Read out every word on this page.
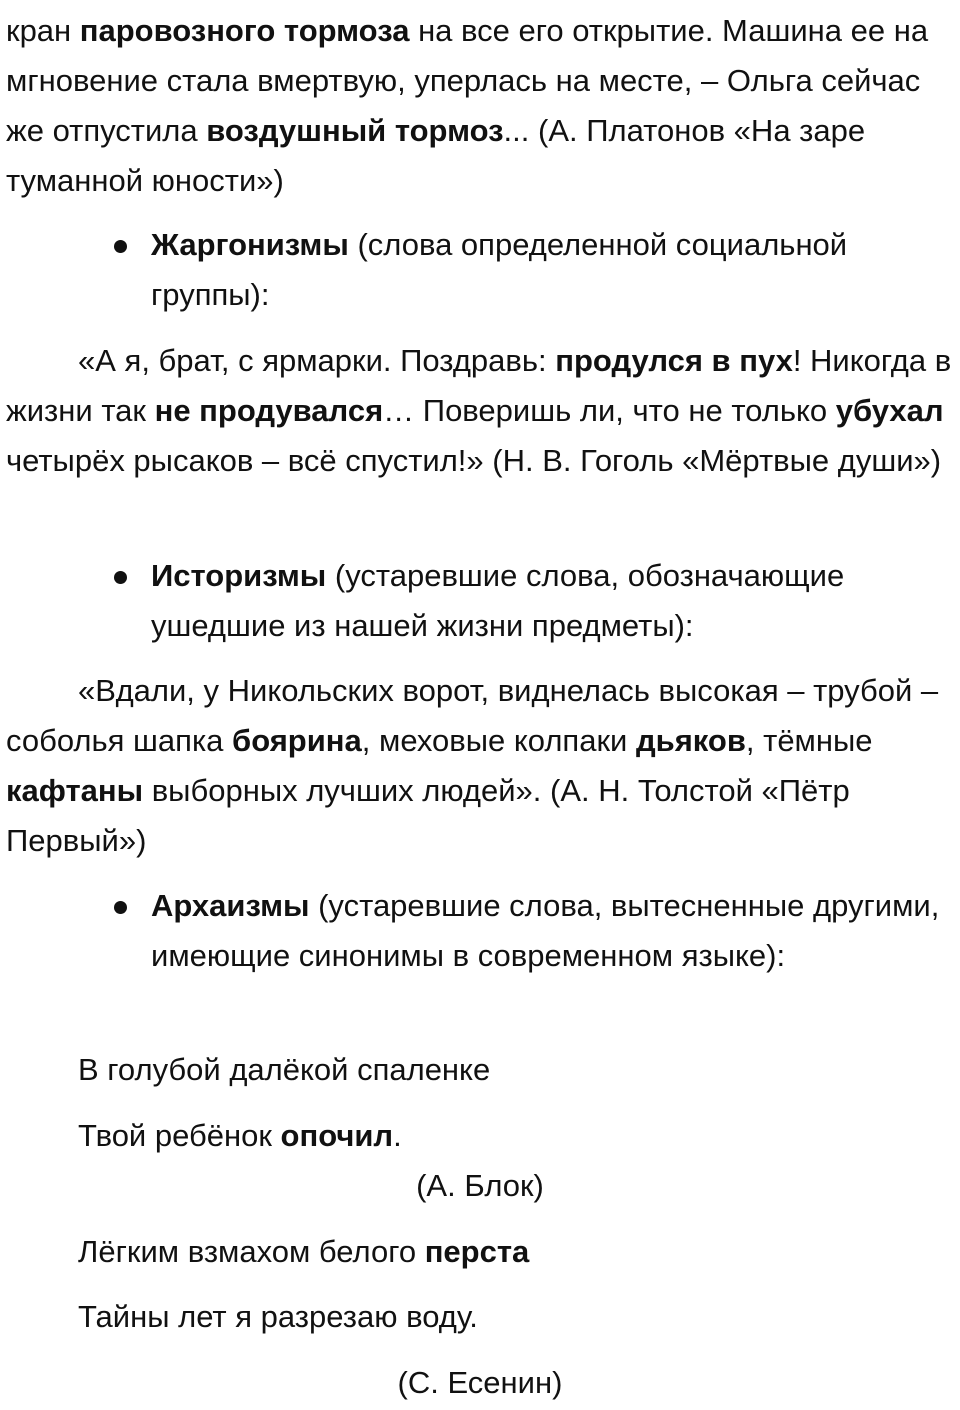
кран паровозного тормоза на все его открытие. Машина ее на мгновение стала вмертвую, уперлась на месте, – Ольга сейчас же отпустила воздушный тормоз... (А. Платонов «На заре туманной юности»)

Жаргонизмы (слова определенной социальной группы):

«А я, брат, с ярмарки. Поздравь: продулся в пух! Никогда в жизни так не продувался… Поверишь ли, что не только убухал четырёх рысаков – всё спустил!» (Н. В. Гоголь «Мёртвые души»)

Историзмы (устаревшие слова, обозначающие ушедшие из нашей жизни предметы):

«Вдали, у Никольских ворот, виднелась высокая – трубой – соболья шапка боярина, меховые колпаки дьяков, тёмные кафтаны выборных лучших людей». (А. Н. Толстой «Пётр Первый»)

Архаизмы (устаревшие слова, вытесненные другими, имеющие синонимы в современном языке):

В голубой далёкой спаленке

Твой ребёнок опочил.

(А. Блок)

Лёгким взмахом белого перста

Тайны лет я разрезаю воду.

(С. Есенин)
